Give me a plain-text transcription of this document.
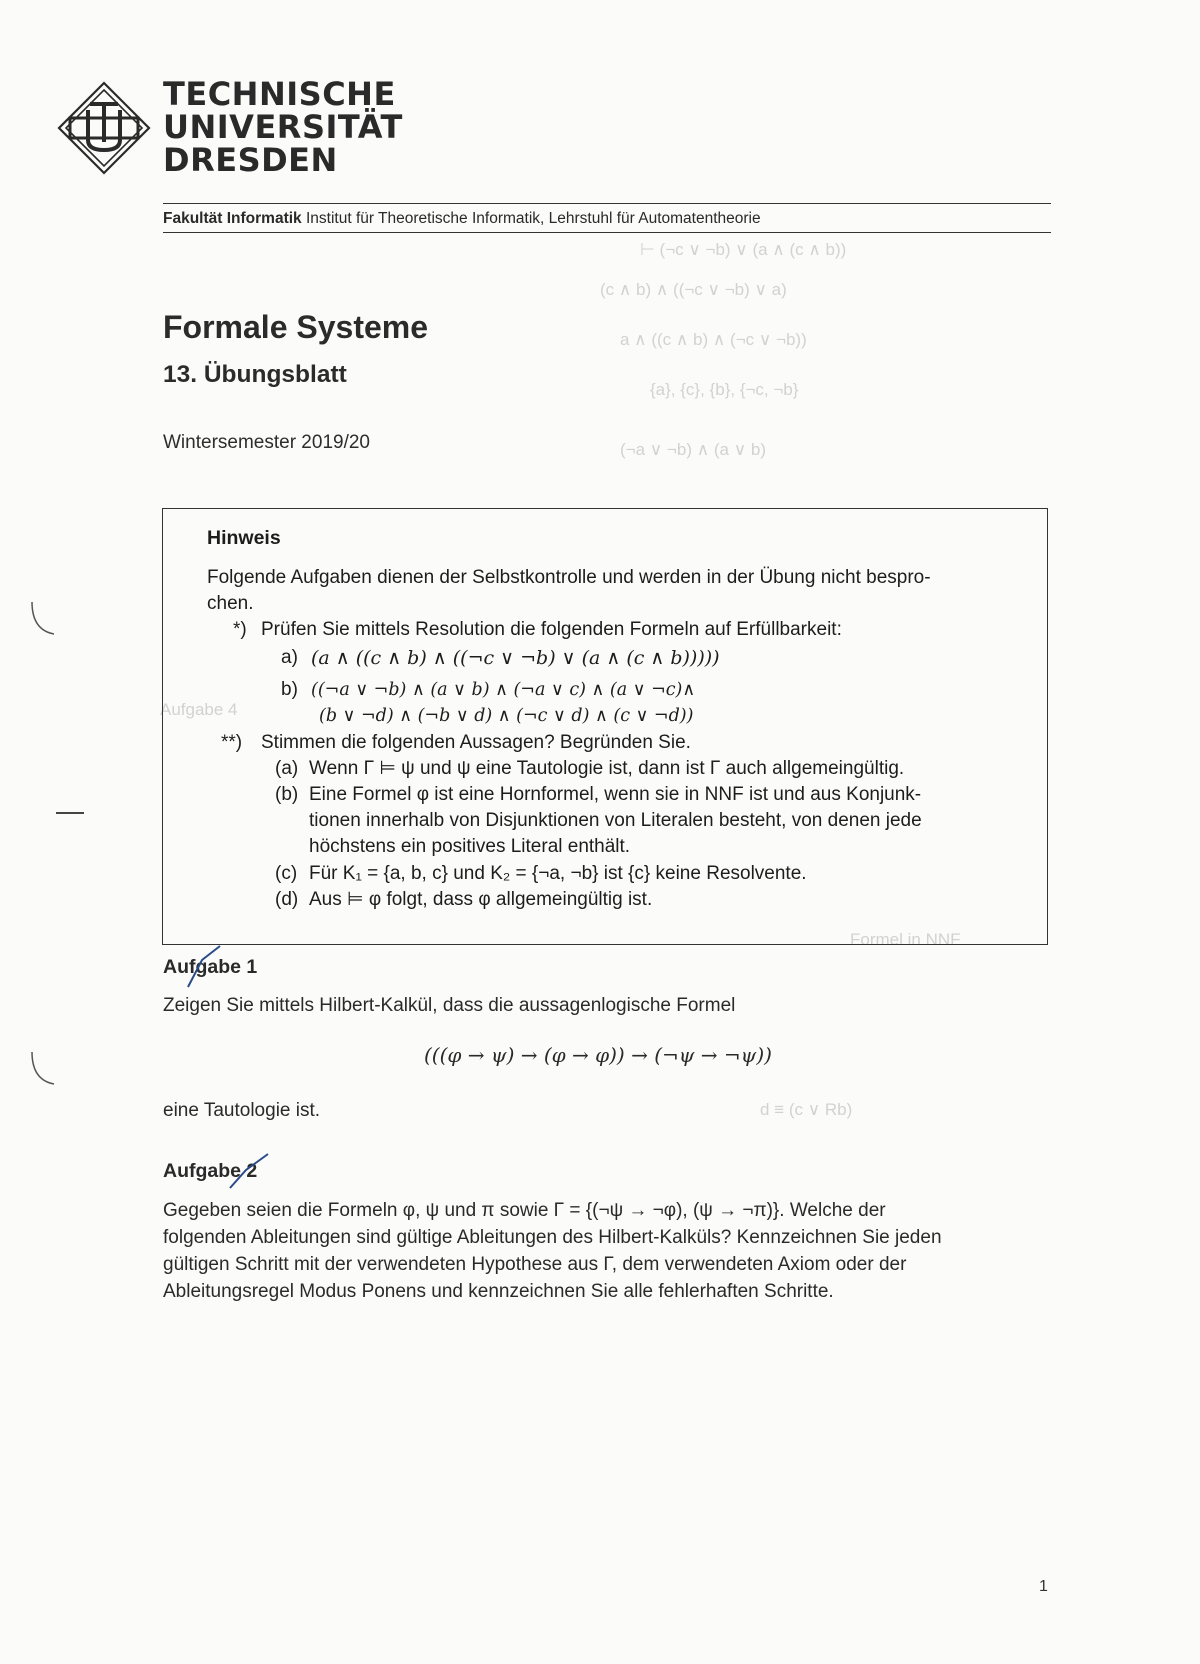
⊢ (¬c ∨ ¬b) ∨ (a ∧ (c ∧ b))
(c ∧ b) ∧ ((¬c ∨ ¬b) ∨ a)
a ∧ ((c ∧ b) ∧ (¬c ∨ ¬b))
{a}, {c}, {b}, {¬c, ¬b}
(¬a ∨ ¬b) ∧ (a ∨ b)
Aufgabe 4
Formel in NNF
d ≡ (c ∨ Rb)
TECHNISCHE
UNIVERSITÄT
DRESDEN
Fakultät Informatik Institut für Theoretische Informatik, Lehrstuhl für Automatentheorie
Formale Systeme
13. Übungsblatt
Wintersemester 2019/20
Hinweis
Folgende Aufgaben dienen der Selbstkontrolle und werden in der Übung nicht bespro-
chen.
*) Prüfen Sie mittels Resolution die folgenden Formeln auf Erfüllbarkeit:
a) (a ∧ ((c ∧ b) ∧ ((¬c ∨ ¬b) ∨ (a ∧ (c ∧ b)))))
b) ((¬a ∨ ¬b) ∧ (a ∨ b) ∧ (¬a ∨ c) ∧ (a ∨ ¬c)∧
(b ∨ ¬d) ∧ (¬b ∨ d) ∧ (¬c ∨ d) ∧ (c ∨ ¬d))
**) Stimmen die folgenden Aussagen? Begründen Sie.
(a) Wenn Γ ⊨ ψ und ψ eine Tautologie ist, dann ist Γ auch allgemeingültig.
(b) Eine Formel φ ist eine Hornformel, wenn sie in NNF ist und aus Konjunk-
tionen innerhalb von Disjunktionen von Literalen besteht, von denen jede
höchstens ein positives Literal enthält.
(c) Für K₁ = {a, b, c} und K₂ = {¬a, ¬b} ist {c} keine Resolvente.
(d) Aus ⊨ φ folgt, dass φ allgemeingültig ist.
Aufgabe 1
Zeigen Sie mittels Hilbert-Kalkül, dass die aussagenlogische Formel
(((φ → ψ) → (φ → φ)) → (¬ψ → ¬ψ))
eine Tautologie ist.
Aufgabe 2
Gegeben seien die Formeln φ, ψ und π sowie Γ = {(¬ψ → ¬φ), (ψ → ¬π)}. Welche der
folgenden Ableitungen sind gültige Ableitungen des Hilbert-Kalküls? Kennzeichnen Sie jeden
gültigen Schritt mit der verwendeten Hypothese aus Γ, dem verwendeten Axiom oder der
Ableitungsregel Modus Ponens und kennzeichnen Sie alle fehlerhaften Schritte.
1
